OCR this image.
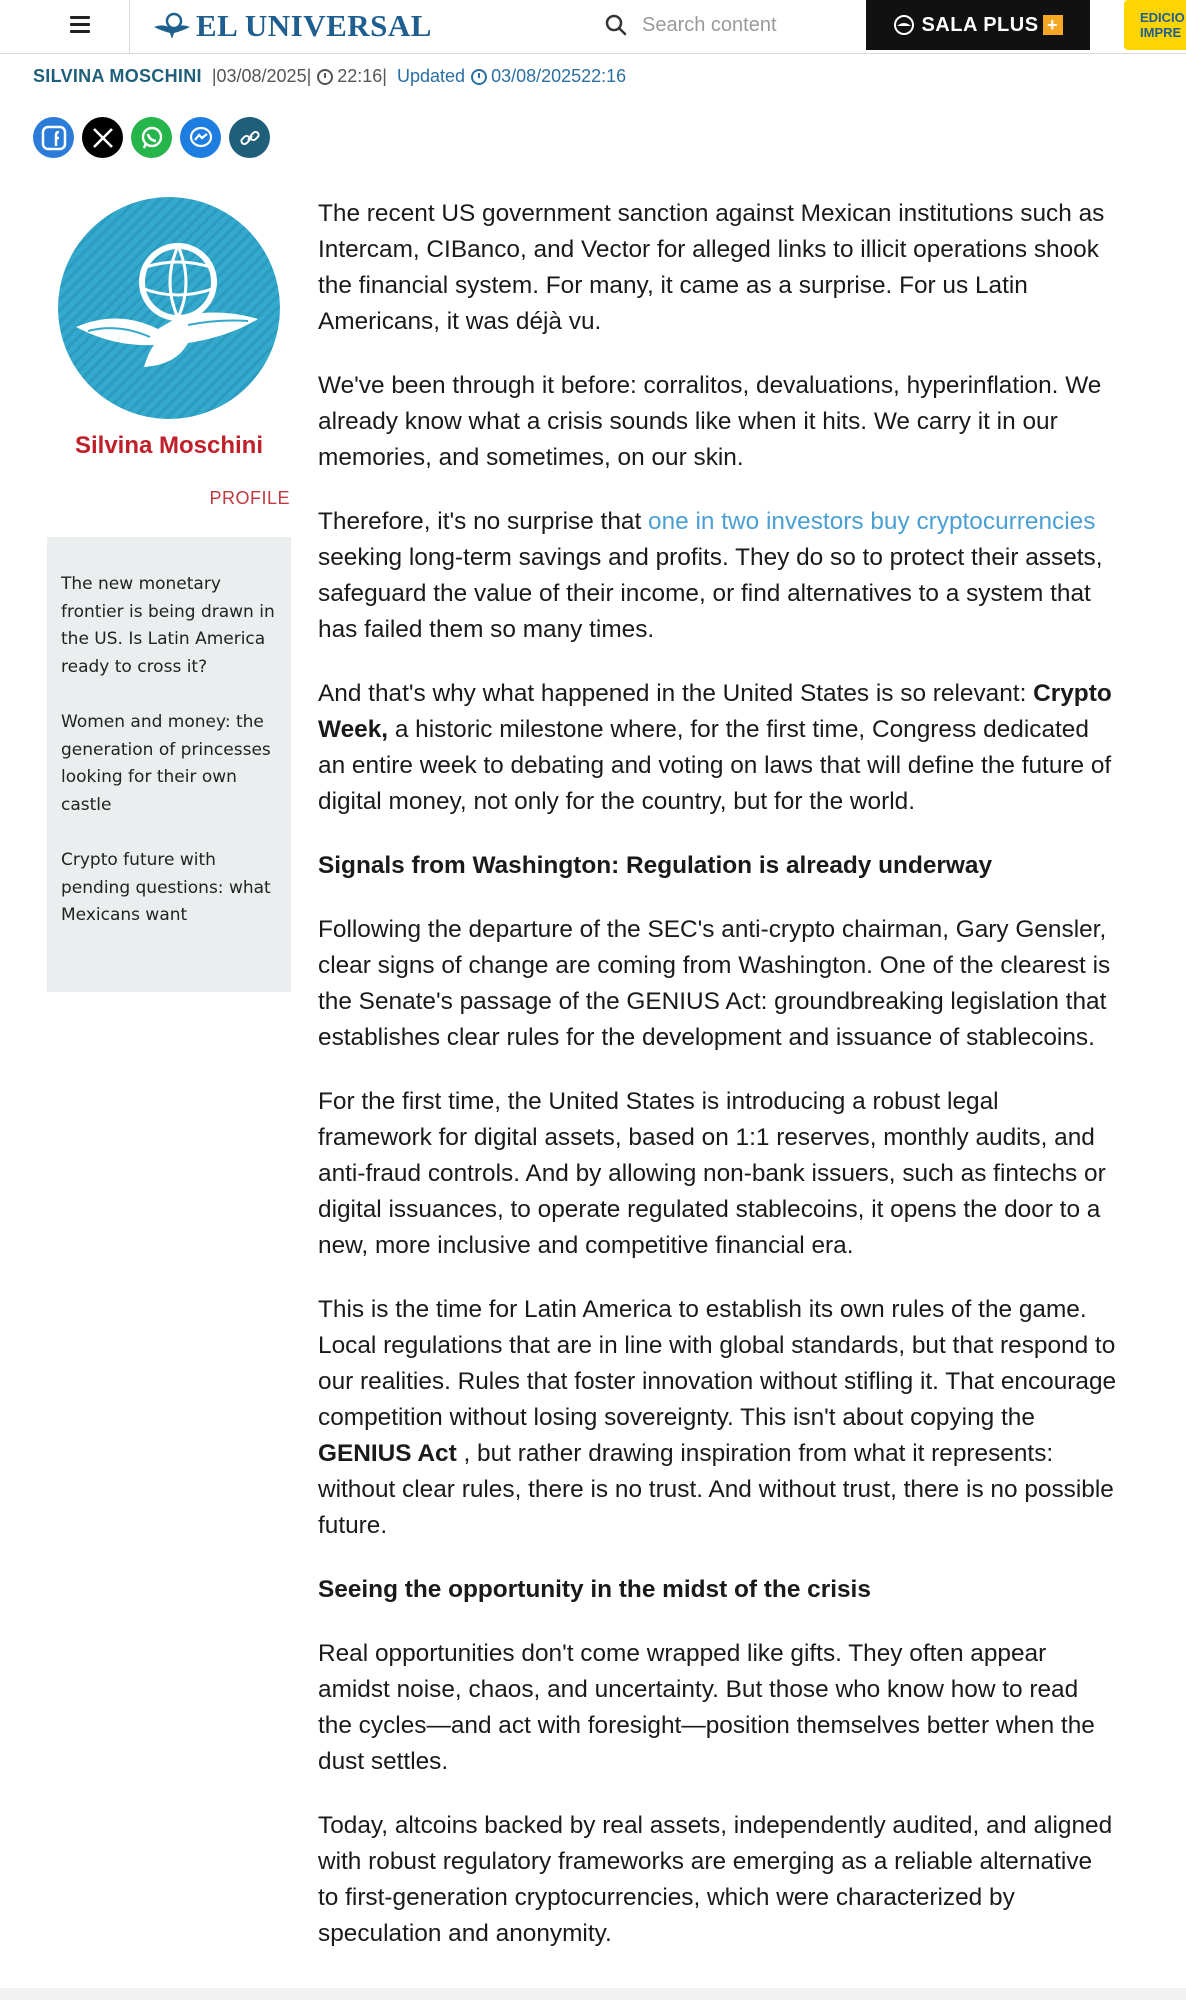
EL UNIVERSAL	Search content	SALA PLUS +	EDICIO
IMPRE
SILVINA MOSCHINI |03/08/2025| 22:16| Updated 03/08/202522:16
Silvina Moschini
PROFILE
The new monetary frontier is being drawn in the US. Is Latin America ready to cross it?
Women and money: the generation of princesses looking for their own castle
Crypto future with pending questions: what Mexicans want

The recent US government sanction against Mexican institutions such as Intercam, CIBanco, and Vector for alleged links to illicit operations shook the financial system. For many, it came as a surprise. For us Latin Americans, it was déjà vu.

We've been through it before: corralitos, devaluations, hyperinflation. We already know what a crisis sounds like when it hits. We carry it in our memories, and sometimes, on our skin.

Therefore, it's no surprise that one in two investors buy cryptocurrencies seeking long-term savings and profits. They do so to protect their assets, safeguard the value of their income, or find alternatives to a system that has failed them so many times.

And that's why what happened in the United States is so relevant: Crypto Week, a historic milestone where, for the first time, Congress dedicated an entire week to debating and voting on laws that will define the future of digital money, not only for the country, but for the world.

Signals from Washington: Regulation is already underway

Following the departure of the SEC's anti-crypto chairman, Gary Gensler, clear signs of change are coming from Washington. One of the clearest is the Senate's passage of the GENIUS Act: groundbreaking legislation that establishes clear rules for the development and issuance of stablecoins.

For the first time, the United States is introducing a robust legal framework for digital assets, based on 1:1 reserves, monthly audits, and anti-fraud controls. And by allowing non-bank issuers, such as fintechs or digital issuances, to operate regulated stablecoins, it opens the door to a new, more inclusive and competitive financial era.

This is the time for Latin America to establish its own rules of the game. Local regulations that are in line with global standards, but that respond to our realities. Rules that foster innovation without stifling it. That encourage competition without losing sovereignty. This isn't about copying the GENIUS Act , but rather drawing inspiration from what it represents: without clear rules, there is no trust. And without trust, there is no possible future.

Seeing the opportunity in the midst of the crisis

Real opportunities don't come wrapped like gifts. They often appear amidst noise, chaos, and uncertainty. But those who know how to read the cycles—and act with foresight—position themselves better when the dust settles.

Today, altcoins backed by real assets, independently audited, and aligned with robust regulatory frameworks are emerging as a reliable alternative to first-generation cryptocurrencies, which were characterized by speculation and anonymity.
